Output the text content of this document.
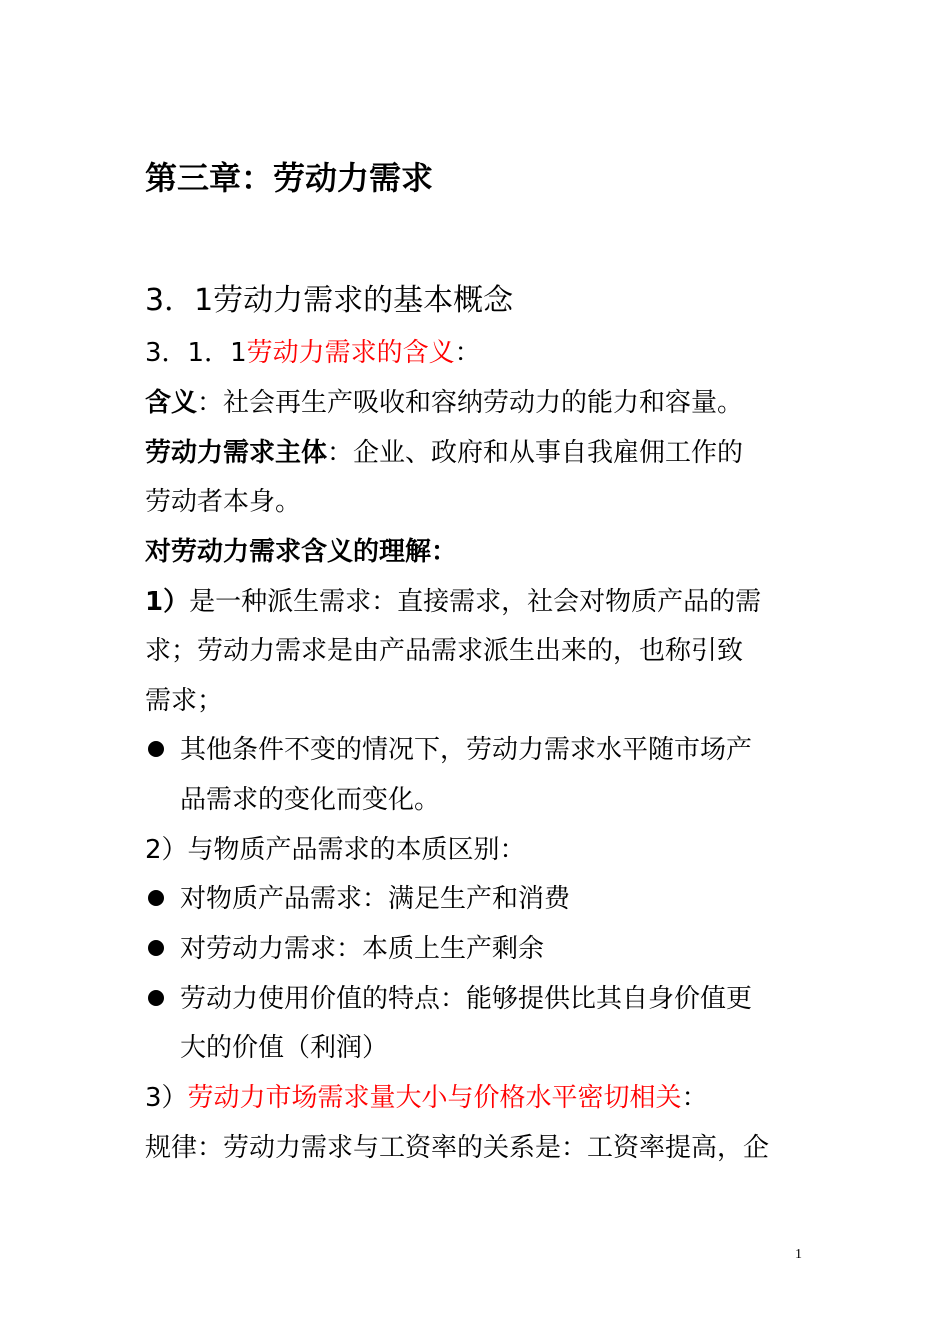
第三章：劳动力需求
3．1劳动力需求的基本概念
3．1．1劳动力需求的含义：
含义：社会再生产吸收和容纳劳动力的能力和容量。
劳动力需求主体：企业、政府和从事自我雇佣工作的
劳动者本身。
对劳动力需求含义的理解：
1）是一种派生需求：直接需求，社会对物质产品的需
求；劳动力需求是由产品需求派生出来的，也称引致
需求；
其他条件不变的情况下，劳动力需求水平随市场产
品需求的变化而变化。
2）与物质产品需求的本质区别：
对物质产品需求：满足生产和消费
对劳动力需求：本质上生产剩余
劳动力使用价值的特点：能够提供比其自身价值更
大的价值（利润）
3）劳动力市场需求量大小与价格水平密切相关：
规律：劳动力需求与工资率的关系是：工资率提高，企
1
